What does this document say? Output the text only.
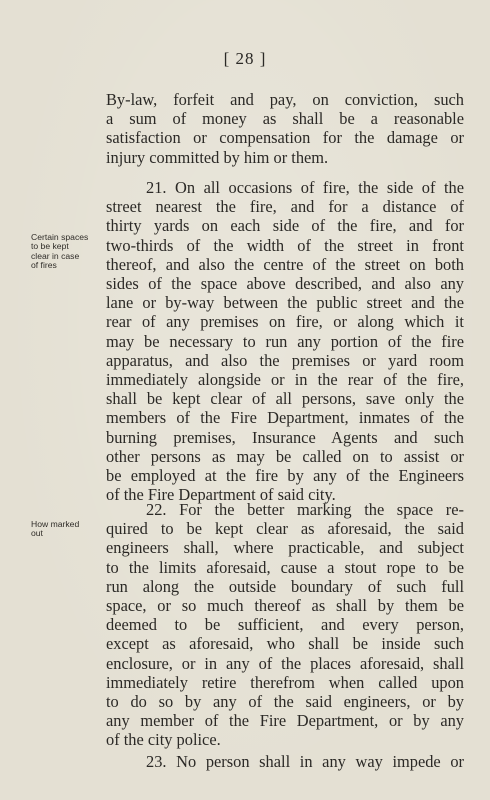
[ 28 ]
By-law, forfeit and pay, on conviction, such
a sum of money as shall be a reasonable
satisfaction or compensation for the damage or
injury committed by him or them.
21. On all occasions of fire, the side of the
street nearest the fire, and for a distance of
thirty yards on each side of the fire, and for
two-thirds of the width of the street in front
thereof, and also the centre of the street on both
sides of the space above described, and also any
lane or by-way between the public street and the
rear of any premises on fire, or along which it
may be necessary to run any portion of the fire
apparatus, and also the premises or yard room
immediately alongside or in the rear of the fire,
shall be kept clear of all persons, save only the
members of the Fire Department, inmates of the
burning premises, Insurance Agents and such
other persons as may be called on to assist or
be employed at the fire by any of the Engineers
of the Fire Department of said city.
Certain spaces
to be kept
clear in case
of fires
22. For the better marking the space re-
quired to be kept clear as aforesaid, the said
engineers shall, where practicable, and subject
to the limits aforesaid, cause a stout rope to be
run along the outside boundary of such full
space, or so much thereof as shall by them be
deemed to be sufficient, and every person,
except as aforesaid, who shall be inside such
enclosure, or in any of the places aforesaid, shall
immediately retire therefrom when called upon
to do so by any of the said engineers, or by
any member of the Fire Department, or by any
of the city police.
How marked
out
23. No person shall in any way impede or
